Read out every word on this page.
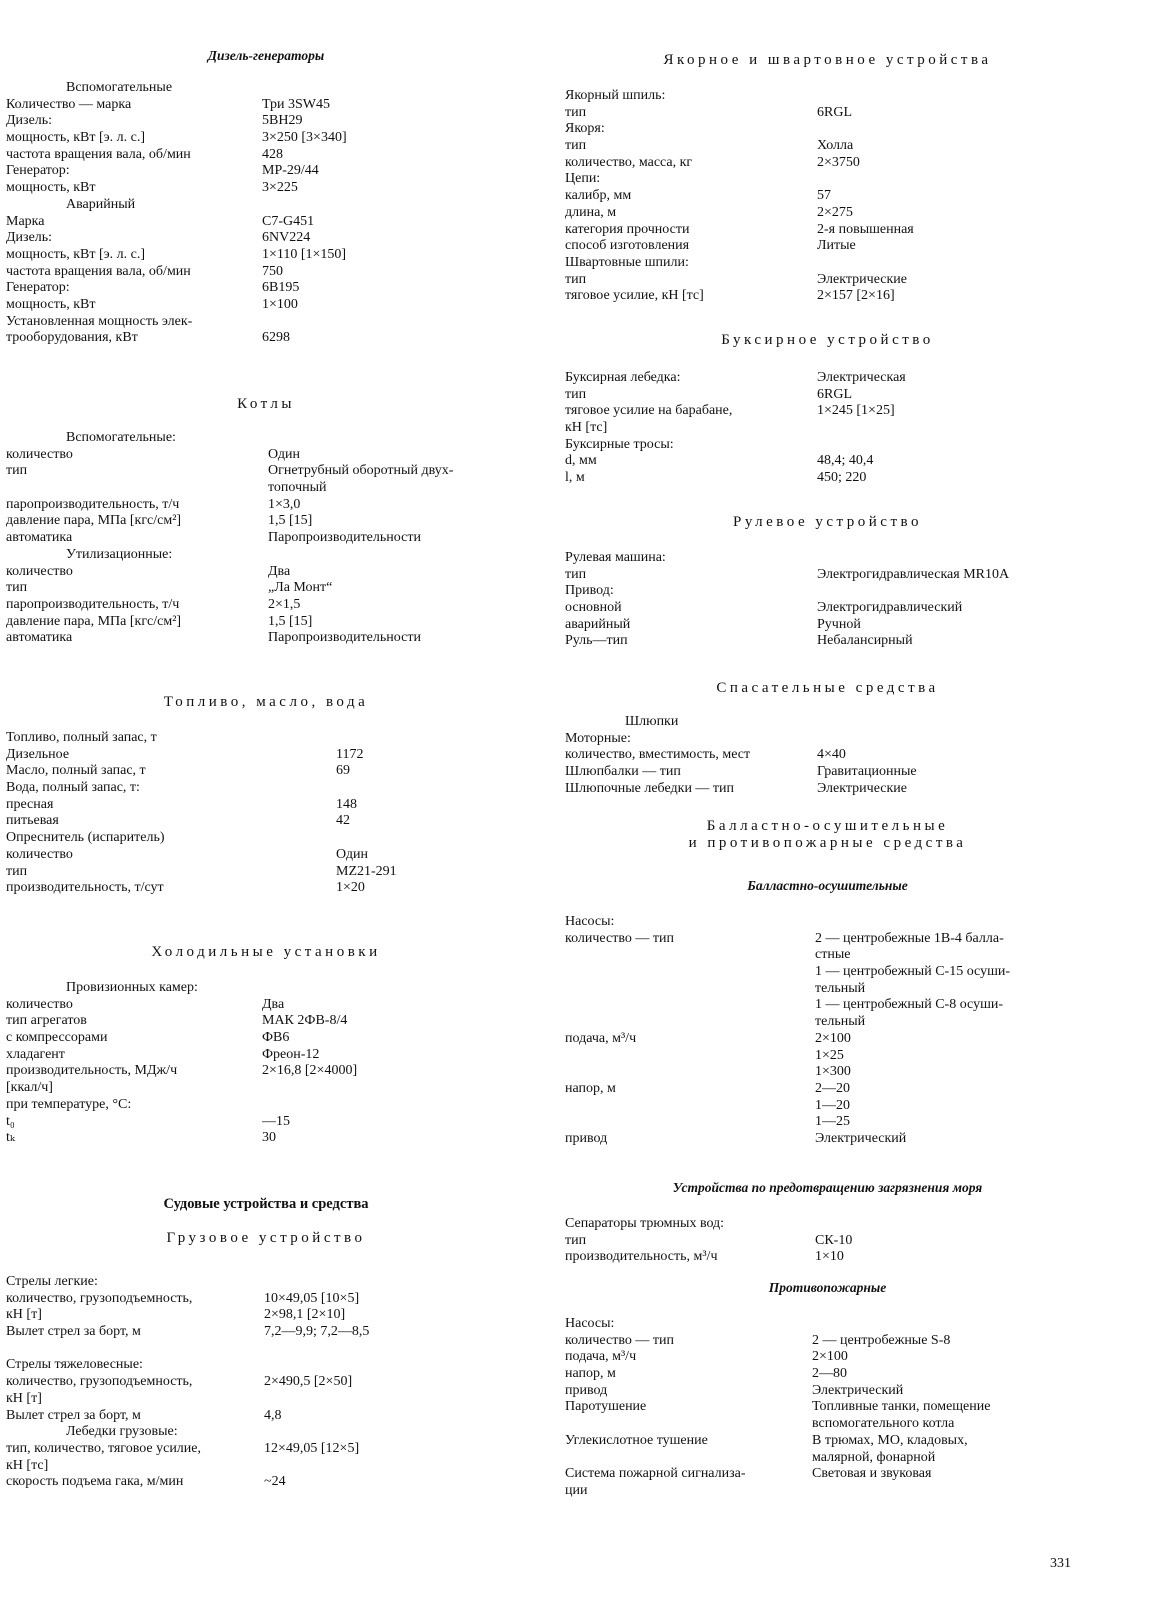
Дизель-генераторы
Вспомогательные
Количество — марка	Три 3SW45
Дизель:	5BH29
мощность, кВт [э. л. с.]	3×250 [3×340]
частота вращения вала, об/мин	428
Генератор:	MP-29/44
мощность, кВт	3×225
Аварийный
Марка	C7-G451
Дизель:	6NV224
мощность, кВт [э. л. с.]	1×110 [1×150]
частота вращения вала, об/мин	750
Генератор:	6B195
мощность, кВт	1×100
Установленная мощность элек-
трооборудования, кВт	6298
Котлы
Вспомогательные:
количество	Один
тип	Огнетрубный оборотный двух-
топочный
паропроизводительность, т/ч	1×3,0
давление пара, МПа [кгс/см²]	1,5 [15]
автоматика	Паропроизводительности
Утилизационные:
количество	Два
тип	„Ла Монт“
паропроизводительность, т/ч	2×1,5
давление пара, МПа [кгс/см²]	1,5 [15]
автоматика	Паропроизводительности
Топливо, масло, вода
Топливо, полный запас, т
Дизельное	1172
Масло, полный запас, т	69
Вода, полный запас, т:
пресная	148
питьевая	42
Опреснитель (испаритель)
количество	Один
тип	MZ21-291
производительность, т/сут	1×20
Холодильные установки
Провизионных камер:
количество	Два
тип агрегатов	МАК 2ФВ-8/4
с компрессорами	ФВ6
хладагент	Фреон-12
производительность, МДж/ч	2×16,8 [2×4000]
[ккал/ч]
при температуре, °С:
t₀	—15
tₖ	30
Судовые устройства и средства
Грузовое устройство
Стрелы легкие:
количество, грузоподъемность,	10×49,05 [10×5]
кН [т]	2×98,1 [2×10]
Вылет стрел за борт, м	7,2—9,9; 7,2—8,5
Стрелы тяжеловесные:
количество, грузоподъемность,	2×490,5 [2×50]
кН [т]
Вылет стрел за борт, м	4,8
Лебедки грузовые:
тип, количество, тяговое усилие,	12×49,05 [12×5]
кН [тс]
скорость подъема гака, м/мин	~24
Якорное и швартовное устройства
Якорный шпиль:
тип	6RGL
Якоря:
тип	Холла
количество, масса, кг	2×3750
Цепи:
калибр, мм	57
длина, м	2×275
категория прочности	2-я повышенная
способ изготовления	Литые
Швартовные шпили:
тип	Электрические
тяговое усилие, кН [тс]	2×157 [2×16]
Буксирное устройство
Буксирная лебедка:	Электрическая
тип	6RGL
тяговое усилие на барабане,	1×245 [1×25]
кН [тс]
Буксирные тросы:
d, мм	48,4; 40,4
l, м	450; 220
Рулевое устройство
Рулевая машина:
тип	Электрогидравлическая MR10A
Привод:
основной	Электрогидравлический
аварийный	Ручной
Руль—тип	Небалансирный
Спасательные средства
Шлюпки
Моторные:
количество, вместимость, мест	4×40
Шлюпбалки — тип	Гравитационные
Шлюпочные лебедки — тип	Электрические
Балластно-осушительные
и противопожарные средства
Балластно-осушительные
Насосы:
количество — тип	2 — центробежные 1В-4 балла-
стные
1 — центробежный С-15 осуши-
тельный
1 — центробежный С-8 осуши-
тельный
подача, м³/ч	2×100
1×25
1×300
напор, м	2—20
1—20
1—25
привод	Электрический
Устройства по предотвращению загрязнения моря
Сепараторы трюмных вод:
тип	СК-10
производительность, м³/ч	1×10
Противопожарные
Насосы:
количество — тип	2 — центробежные S-8
подача, м³/ч	2×100
напор, м	2—80
привод	Электрический
Паротушение	Топливные танки, помещение
вспомогательного котла
Углекислотное тушение	В трюмах, МО, кладовых,
малярной, фонарной
Система пожарной сигнализа-	Световая и звуковая
ции
331
